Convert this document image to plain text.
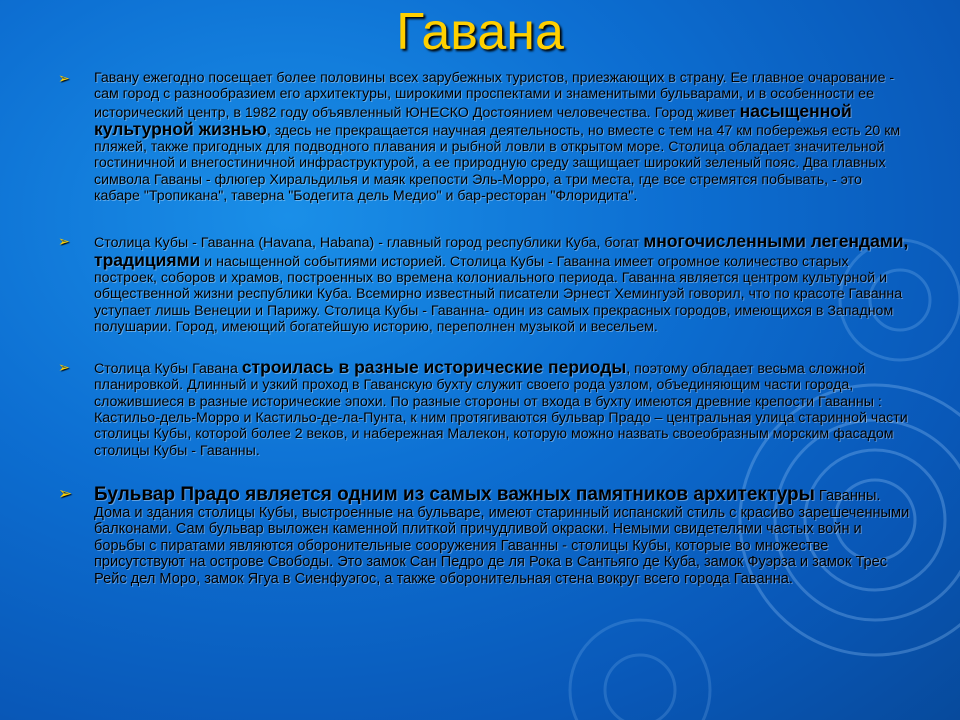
Гавана
➢ Гавану ежегодно посещает более половины всех зарубежных туристов, приезжающих в страну. Ее главное очарование - сам город с разнообразием его архитектуры, широкими проспектами и знаменитыми бульварами, и в особенности ее исторический центр, в 1982 году объявленный ЮНЕСКО Достоянием человечества. Город живет насыщенной культурной жизнью, здесь не прекращается научная деятельность, но вместе с тем на 47 км побережья есть 20 км пляжей, также пригодных для подводного плавания и рыбной ловли в открытом море. Столица обладает значительной гостиничной и внегостиничной инфраструктурой, а ее природную среду защищает широкий зеленый пояс. Два главных символа Гаваны - флюгер Хиральдилья и маяк крепости Эль-Морро, а три места, где все стремятся побывать, - это кабаре "Тропикана", таверна "Бодегита дель Медио" и бар-ресторан "Флоридита".
➢ Столица Кубы - Гаванна (Havana, Habana) - главный город республики Куба, богат многочисленными легендами, традициями и насыщенной событиями историей. Столица Кубы - Гаванна имеет огромное количество старых построек, соборов и храмов, построенных во времена колониального периода. Гаванна является центром культурной и общественной жизни республики Куба. Всемирно известный писатели Эрнест Хемингуэй говорил, что по красоте Гаванна уступает лишь Венеции и Парижу. Столица Кубы - Гаванна- один из самых прекрасных городов, имеющихся в Западном полушарии. Город, имеющий богатейшую историю, переполнен музыкой и весельем.
➢ Столица Кубы Гавана строилась в разные исторические периоды, поэтому обладает весьма сложной планировкой. Длинный и узкий проход в Гаванскую бухту служит своего рода узлом, объединяющим части города, сложившиеся в разные исторические эпохи. По разные стороны от входа в бухту имеются древние крепости Гаванны : Кастильо-дель-Морро и Кастильо-де-ла-Пунта, к ним протягиваются бульвар Прадо – центральная улица старинной части столицы Кубы, которой более 2 веков, и набережная Малекон, которую можно назвать своеобразным морским фасадом столицы Кубы - Гаванны.
➢ Бульвар Прадо является одним из самых важных памятников архитектуры Гаванны. Дома и здания столицы Кубы, выстроенные на бульваре, имеют старинный испанский стиль с красиво зарешеченными балконами. Сам бульвар выложен каменной плиткой причудливой окраски. Немыми свидетелями частых войн и борьбы с пиратами являются оборонительные сооружения Гаванны - столицы Кубы, которые во множестве присутствуют на острове Свободы. Это замок Сан Педро де ля Рока в Сантьяго де Куба, замок Фуэрза и замок Трес Рейс дел Моро, замок Ягуа в Сиенфуэгос, а также оборонительная стена вокруг всего города Гаванна.
